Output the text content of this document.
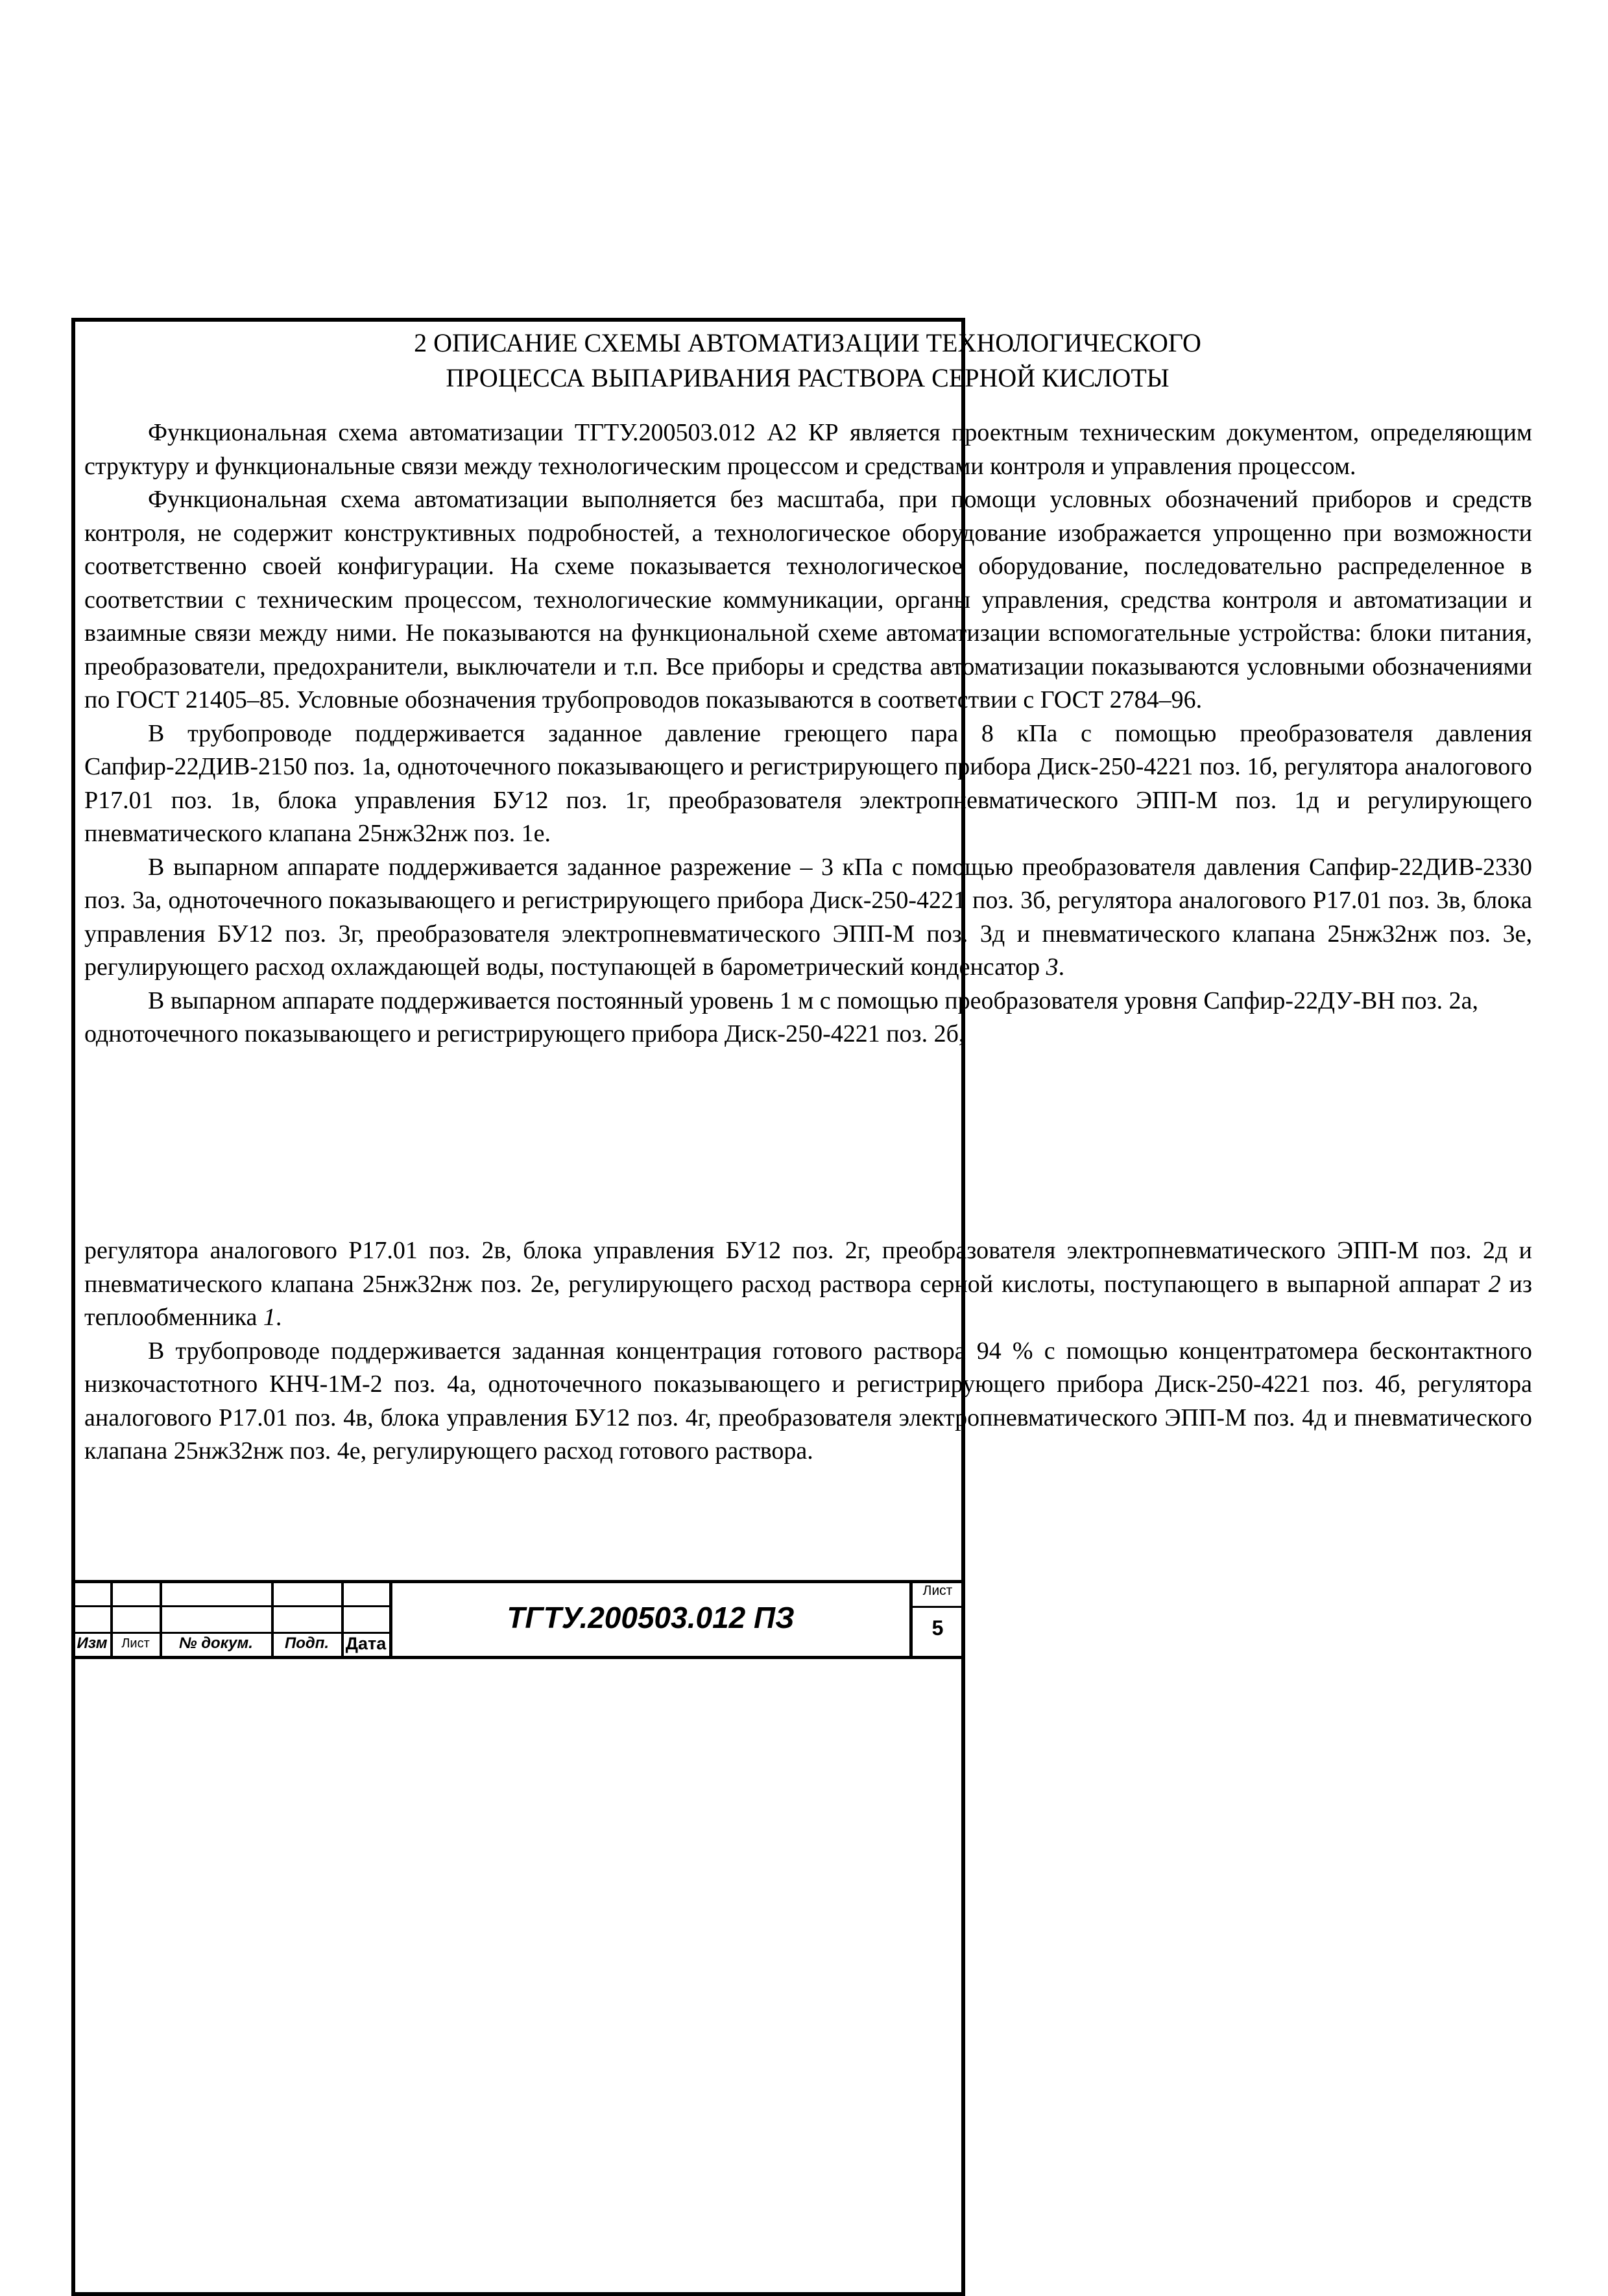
2 ОПИСАНИЕ СХЕМЫ АВТОМАТИЗАЦИИ ТЕХНОЛОГИЧЕСКОГО

ПРОЦЕССА ВЫПАРИВАНИЯ РАСТВОРА СЕРНОЙ КИСЛОТЫ

Функциональная схема автоматизации ТГТУ.200503.012 А2 КР является проектным техническим документом, определяющим структуру и функциональные связи между технологическим процессом и средствами контроля и управления процессом.

Функциональная схема автоматизации выполняется без масштаба, при помощи условных обозначений приборов и средств контроля, не содержит конструктивных подробностей, а технологическое оборудование изображается упрощенно при возможности соответственно своей конфигурации. На схеме показывается технологическое оборудование, последовательно распределенное в соответствии с техническим процессом, технологические коммуникации, органы управления, средства контроля и автоматизации и взаимные связи между ними. Не показываются на функциональной схеме автоматизации вспомогательные устройства: блоки питания, преобразователи, предохранители, выключатели и т.п. Все приборы и средства автоматизации показываются условными обозначениями по ГОСТ 21405–85. Условные обозначения трубопроводов показываются в соответствии с ГОСТ 2784–96.

В трубопроводе поддерживается заданное давление греющего пара 8 кПа с помощью преобразователя давления Сапфир-22ДИВ-2150 поз. 1а, одноточечного показывающего и регистрирующего прибора Диск-250-4221 поз. 1б, регулятора аналогового Р17.01 поз. 1в, блока управления БУ12 поз. 1г, преобразователя электропневматического ЭПП-М поз. 1д и регулирующего пневматического клапана 25нж32нж поз. 1е.

В выпарном аппарате поддерживается заданное разрежение – 3 кПа с помощью преобразователя давления Сапфир-22ДИВ-2330 поз. 3а, одноточечного показывающего и регистрирующего прибора Диск-250-4221 поз. 3б, регулятора аналогового Р17.01 поз. 3в, блока управления БУ12 поз. 3г, преобразователя электропневматического ЭПП-М поз. 3д и пневматического клапана 25нж32нж поз. 3е, регулирующего расход охлаждающей воды, поступающей в барометрический конденсатор 3.

В выпарном аппарате поддерживается постоянный уровень 1 м с помощью преобразователя уровня Сапфир-22ДУ-ВН поз. 2а, одноточечного показывающего и регистрирующего прибора Диск-250-4221 поз. 2б,

регулятора аналогового Р17.01 поз. 2в, блока управления БУ12 поз. 2г, преобразователя электропневматического ЭПП-М поз. 2д и пневматического клапана 25нж32нж поз. 2е, регулирующего расход раствора серной кислоты, поступающего в выпарной аппарат 2 из теплообменника 1.

В трубопроводе поддерживается заданная концентрация готового раствора 94 % с помощью концентратомера бесконтактного низкочастотного КНЧ-1М-2 поз. 4а, одноточечного показывающего и регистрирующего прибора Диск-250-4221 поз. 4б, регулятора аналогового Р17.01 поз. 4в, блока управления БУ12 поз. 4г, преобразователя электропневматического ЭПП-М поз. 4д и пневматического клапана 25нж32нж поз. 4е, регулирующего расход готового раствора.

Изм	Лист	№ докум.	Подп. Дата
ТГТУ.200503.012 ПЗ
Лист
5
